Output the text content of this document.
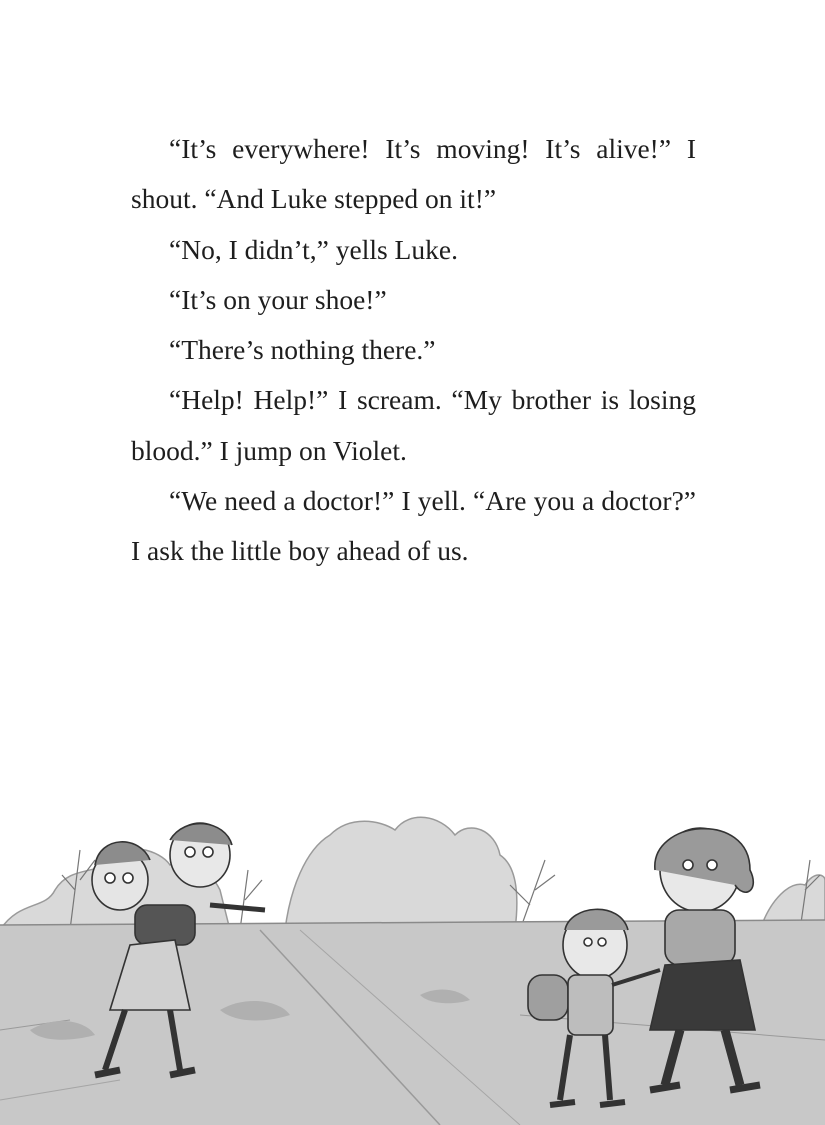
“It’s everywhere! It’s moving! It’s alive!” I shout. “And Luke stepped on it!”

“No, I didn’t,” yells Luke.

“It’s on your shoe!”

“There’s nothing there.”

“Help! Help!” I scream. “My brother is losing blood.” I jump on Violet.

“We need a doctor!” I yell. “Are you a doctor?” I ask the little boy ahead of us.
